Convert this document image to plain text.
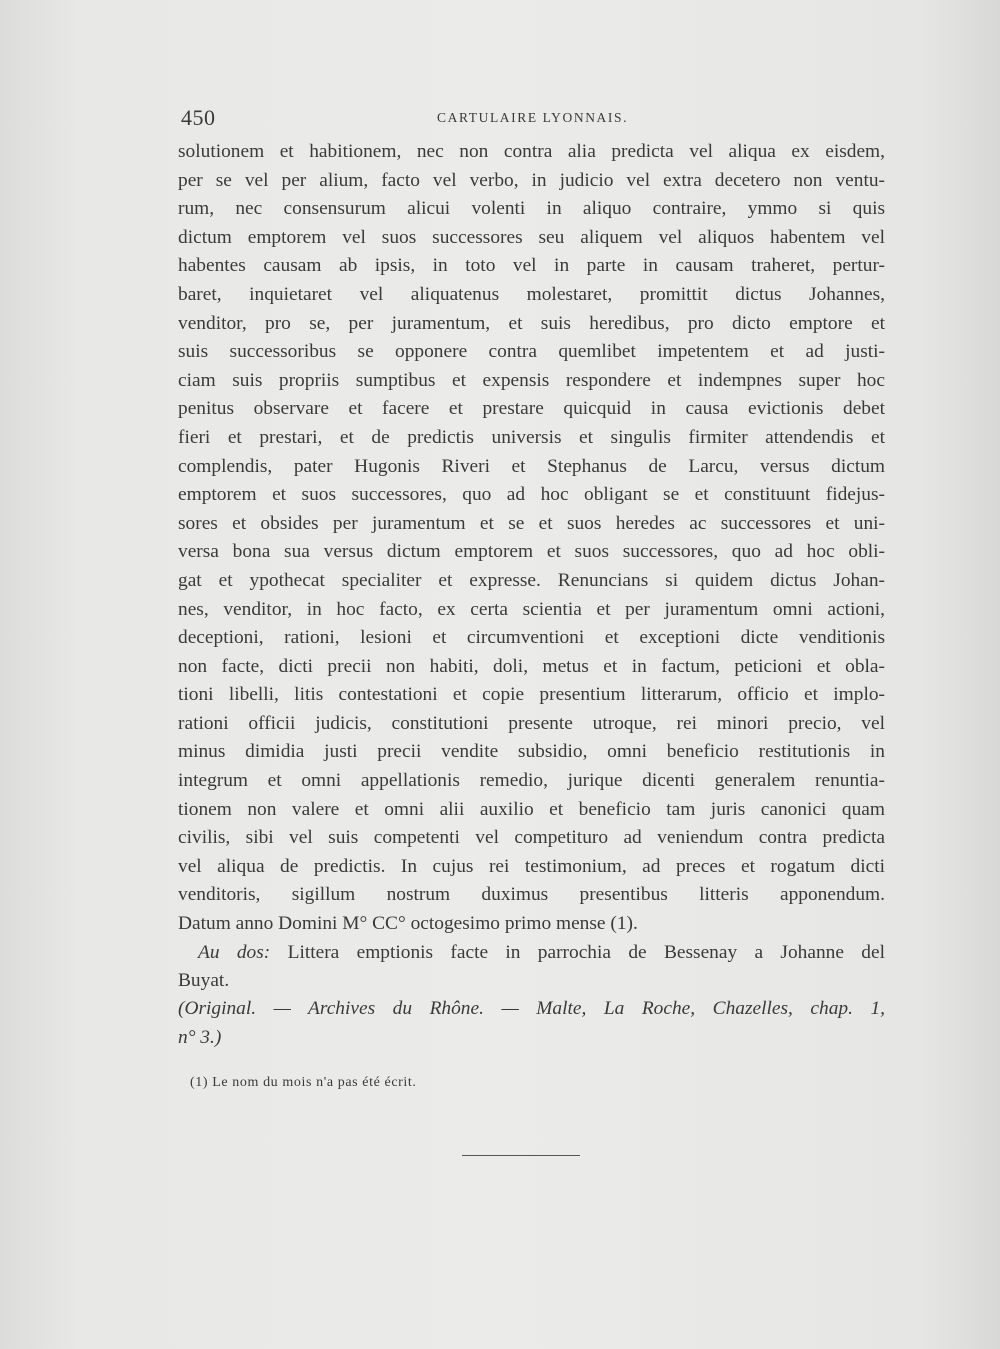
450	CARTULAIRE LYONNAIS.
solutionem et habitionem, nec non contra alia predicta vel aliqua ex eisdem,
per se vel per alium, facto vel verbo, in judicio vel extra decetero non ventu-
rum, nec consensurum alicui volenti in aliquo contraire, ymmo si quis
dictum emptorem vel suos successores seu aliquem vel aliquos habentem vel
habentes causam ab ipsis, in toto vel in parte in causam traheret, pertur-
baret, inquietaret vel aliquatenus molestaret, promittit dictus Johannes,
venditor, pro se, per juramentum, et suis heredibus, pro dicto emptore et
suis successoribus se opponere contra quemlibet impetentem et ad justi-
ciam suis propriis sumptibus et expensis respondere et indempnes super hoc
penitus observare et facere et prestare quicquid in causa evictionis debet
fieri et prestari, et de predictis universis et singulis firmiter attendendis et
complendis, pater Hugonis Riveri et Stephanus de Larcu, versus dictum
emptorem et suos successores, quo ad hoc obligant se et constituunt fidejus-
sores et obsides per juramentum et se et suos heredes ac successores et uni-
versa bona sua versus dictum emptorem et suos successores, quo ad hoc obli-
gat et ypothecat specialiter et expresse. Renuncians si quidem dictus Johan-
nes, venditor, in hoc facto, ex certa scientia et per juramentum omni actioni,
deceptioni, rationi, lesioni et circumventioni et exceptioni dicte venditionis
non facte, dicti precii non habiti, doli, metus et in factum, peticioni et obla-
tioni libelli, litis contestationi et copie presentium litterarum, officio et implo-
rationi officii judicis, constitutioni presente utroque, rei minori precio, vel
minus dimidia justi precii vendite subsidio, omni beneficio restitutionis in
integrum et omni appellationis remedio, jurique dicenti generalem renuntia-
tionem non valere et omni alii auxilio et beneficio tam juris canonici quam
civilis, sibi vel suis competenti vel competituro ad veniendum contra predicta
vel aliqua de predictis. In cujus rei testimonium, ad preces et rogatum dicti
venditoris, sigillum nostrum duximus presentibus litteris apponendum.
Datum anno Domini M° CC° octogesimo primo mense (1).
Au dos: Littera emptionis facte in parrochia de Bessenay a Johanne del
Buyat.
(Original. — Archives du Rhône. — Malte, La Roche, Chazelles, chap. 1,
n° 3.)
(1) Le nom du mois n'a pas été écrit.
